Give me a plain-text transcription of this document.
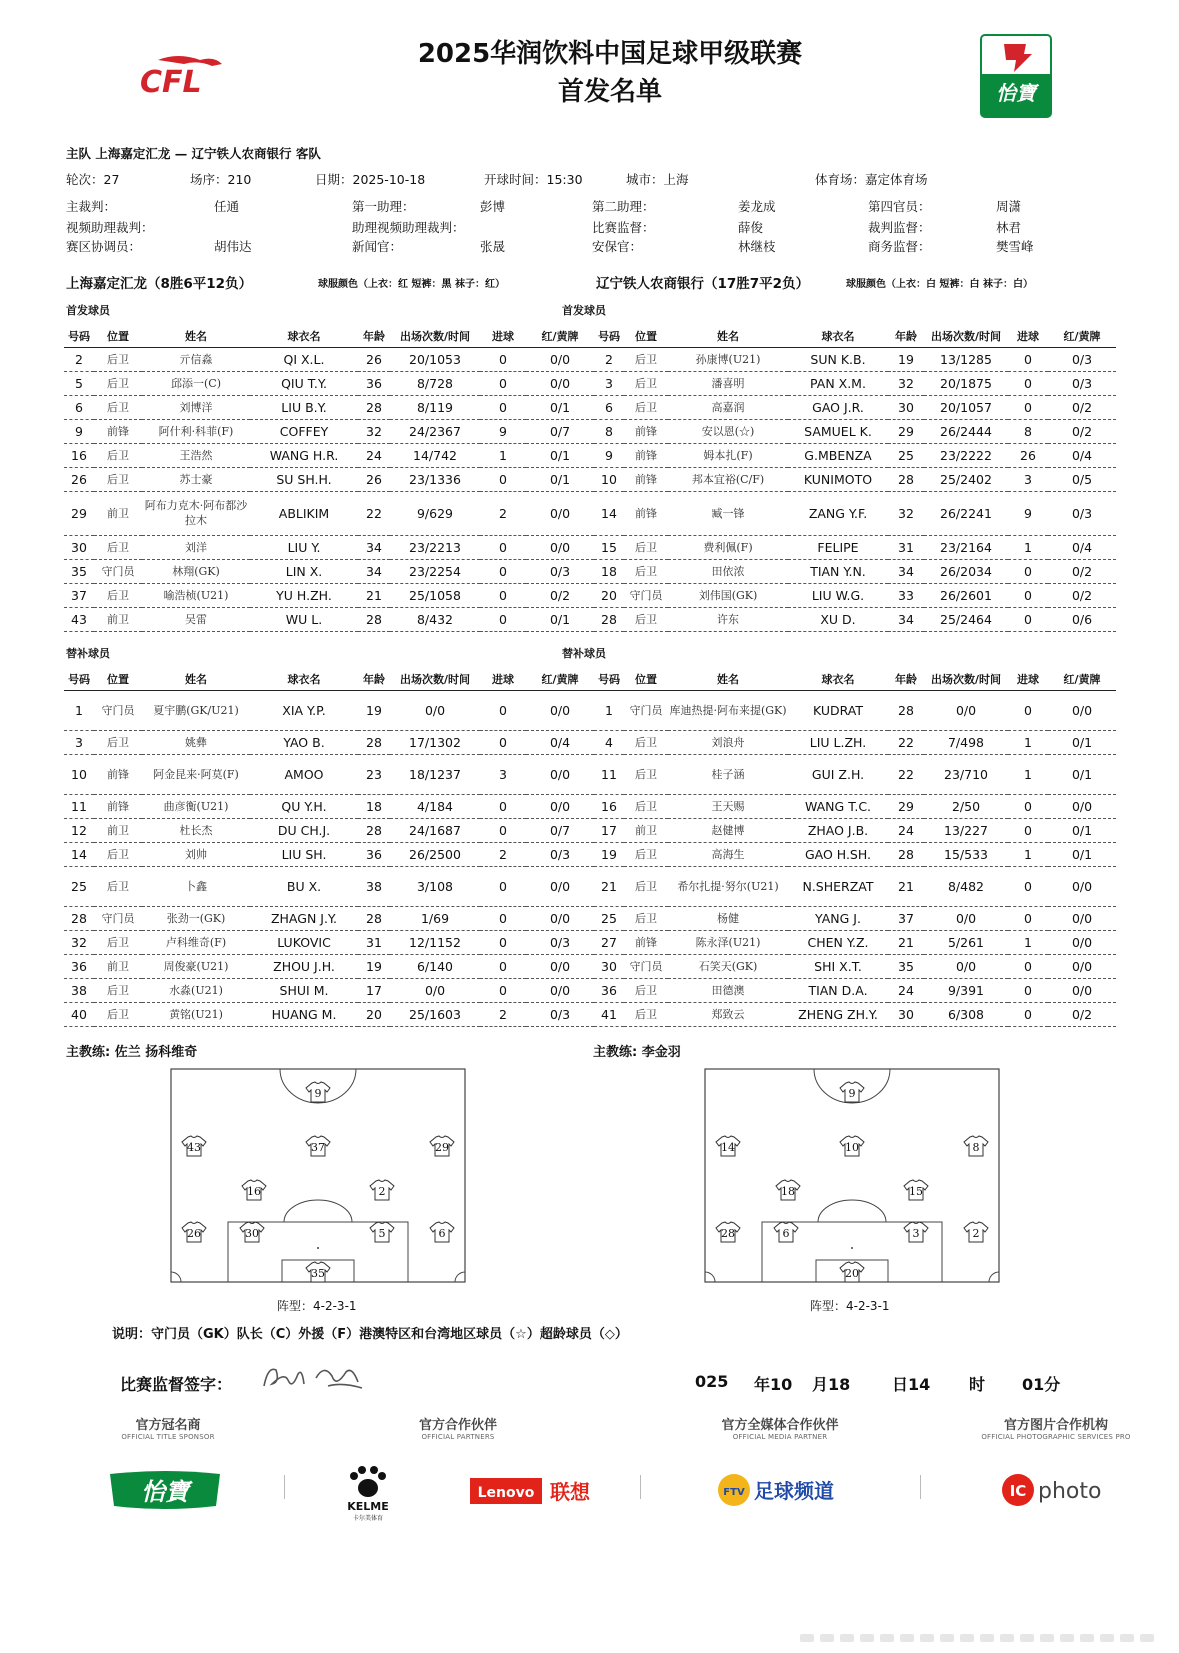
CFL
2025华润饮料中国足球甲级联赛
首发名单	怡寶
主队 上海嘉定汇龙 — 辽宁铁人农商银行 客队
轮次：27	场序：210	日期：2025-10-18	开球时间：15:30	城市：上海	体育场：嘉定体育场
主裁判：	任通	第一助理：	彭博	第二助理：	姜龙成	第四官员：	周潇
视频助理裁判：	助理视频助理裁判：	比赛监督：	薛俊	裁判监督：	林君
赛区协调员：	胡伟达	新闻官：	张晟	安保官：	林继枝	商务监督：	樊雪峰
上海嘉定汇龙（8胜6平12负）	球服颜色（上衣：红 短裤：黑 袜子：红）	辽宁铁人农商银行（17胜7平2负）	球服颜色（上衣：白 短裤：白 袜子：白）
首发球员	首发球员
号码	位置	姓名	球衣名	年龄	出场次数/时间	进球	红/黄牌
2	后卫	亓信淼	QI X.L.	26	20/1053	0	0/0
5	后卫	邱添一(C)	QIU T.Y.	36	8/728	0	0/0
6	后卫	刘博洋	LIU B.Y.	28	8/119	0	0/1
9	前锋	阿什利·科菲(F)	COFFEY	32	24/2367	9	0/7
16	后卫	王浩然	WANG H.R.	24	14/742	1	0/1
26	后卫	苏士豪	SU SH.H.	26	23/1336	0	0/1
29	前卫	阿布力克木·阿布都沙拉木	ABLIKIM	22	9/629	2	0/0
30	后卫	刘洋	LIU Y.	34	23/2213	0	0/0
35	守门员	林翔(GK)	LIN X.	34	23/2254	0	0/3
37	后卫	喻浩桢(U21)	YU H.ZH.	21	25/1058	0	0/2
43	前卫	吴雷	WU L.	28	8/432	0	0/1
号码	位置	姓名	球衣名	年龄	出场次数/时间	进球	红/黄牌
2	后卫	孙康博(U21)	SUN K.B.	19	13/1285	0	0/3
3	后卫	潘喜明	PAN X.M.	32	20/1875	0	0/3
6	后卫	高嘉润	GAO J.R.	30	20/1057	0	0/2
8	前锋	安以恩(☆)	SAMUEL K.	29	26/2444	8	0/2
9	前锋	姆本扎(F)	G.MBENZA	25	23/2222	26	0/4
10	前锋	邦本宜裕(C/F)	KUNIMOTO	28	25/2402	3	0/5
14	前锋	臧一锋	ZANG Y.F.	32	26/2241	9	0/3
15	后卫	费利佩(F)	FELIPE	31	23/2164	1	0/4
18	后卫	田依浓	TIAN Y.N.	34	26/2034	0	0/2
20	守门员	刘伟国(GK)	LIU W.G.	33	26/2601	0	0/2
28	后卫	许东	XU D.	34	25/2464	0	0/6
替补球员	替补球员
号码	位置	姓名	球衣名	年龄	出场次数/时间	进球	红/黄牌
1	守门员	夏宇鹏(GK/U21)	XIA Y.P.	19	0/0	0	0/0
3	后卫	姚彝	YAO B.	28	17/1302	0	0/4
10	前锋	阿金昆来·阿莫(F)	AMOO	23	18/1237	3	0/0
11	前锋	曲彦衡(U21)	QU Y.H.	18	4/184	0	0/0
12	前卫	杜长杰	DU CH.J.	28	24/1687	0	0/7
14	后卫	刘帅	LIU SH.	36	26/2500	2	0/3
25	后卫	卜鑫	BU X.	38	3/108	0	0/0
28	守门员	张劲一(GK)	ZHAGN J.Y.	28	1/69	0	0/0
32	后卫	卢科维奇(F)	LUKOVIC	31	12/1152	0	0/3
36	前卫	周俊豪(U21)	ZHOU J.H.	19	6/140	0	0/0
38	后卫	水淼(U21)	SHUI M.	17	0/0	0	0/0
40	后卫	黄铭(U21)	HUANG M.	20	25/1603	2	0/3
号码	位置	姓名	球衣名	年龄	出场次数/时间	进球	红/黄牌
1	守门员	库迪热提·阿布来提(GK)	KUDRAT	28	0/0	0	0/0
4	后卫	刘浪舟	LIU L.ZH.	22	7/498	1	0/1
11	后卫	桂子涵	GUI Z.H.	22	23/710	1	0/1
16	后卫	王天赐	WANG T.C.	29	2/50	0	0/0
17	前卫	赵健博	ZHAO J.B.	24	13/227	0	0/1
19	后卫	高海生	GAO H.SH.	28	15/533	1	0/1
21	后卫	希尔扎提·努尔(U21)	N.SHERZAT	21	8/482	0	0/0
25	后卫	杨健	YANG J.	37	0/0	0	0/0
27	前锋	陈永泽(U21)	CHEN Y.Z.	21	5/261	1	0/0
30	守门员	石笑天(GK)	SHI X.T.	35	0/0	0	0/0
36	后卫	田德澳	TIAN D.A.	24	9/391	0	0/0
41	后卫	郑致云	ZHENG ZH.Y.	30	6/308	0	0/2
主教练: 佐兰 扬科维奇	主教练: 李金羽
9
43	37	29
16	2
26	30	5	6
35
9
14	10	8
18	15
28	6	3	2
20
阵型：4-2-3-1	阵型：4-2-3-1
说明：守门员（GK）队长（C）外援（F）港澳特区和台湾地区球员（☆）超龄球员（◇）
比赛监督签字：	025 年10 月18	日14 时 01分
官方冠名商
OFFICIAL TITLE SPONSOR
官方合作伙伴
OFFICIAL PARTNERS
官方全媒体合作伙伴
OFFICIAL MEDIA PARTNER
官方图片合作机构
OFFICIAL PHOTOGRAPHIC SERVICES PRO
怡寶
KELME
卡尔美体育
Lenovo 联想	FTV 足球频道	IC photo
